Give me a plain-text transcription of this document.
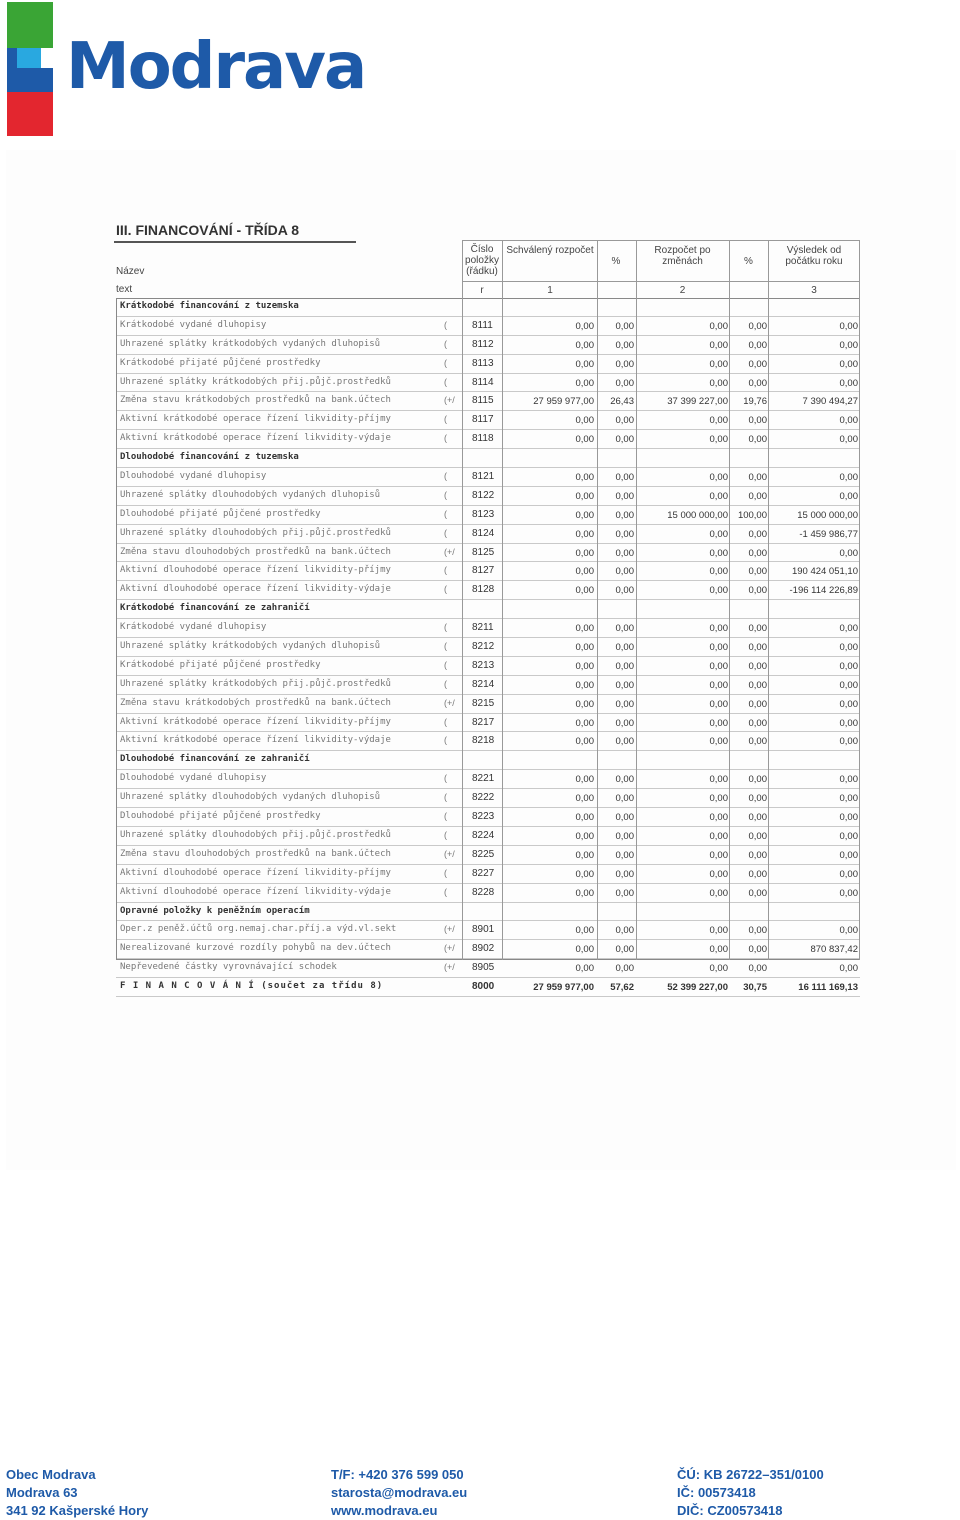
Modrava
III. FINANCOVÁNÍ - TŘÍDA 8
Název
text
Číslo položky (řádku)
Schválený rozpočet
%
Rozpočet po změnách	%
Výsledek od počátku roku
r	1	2	3
Krátkodobé financování z tuzemska
Krátkodobé vydané dluhopisy	(	8111	0,00 0,00	0,00 0,00	0,00
Uhrazené splátky krátkodobých vydaných dluhopisů	(	8112	0,00 0,00	0,00 0,00	0,00
Krátkodobé přijaté půjčené prostředky	(	8113	0,00 0,00	0,00 0,00	0,00
Uhrazené splátky krátkodobých přij.půjč.prostředků	(	8114	0,00 0,00	0,00 0,00	0,00
Změna stavu krátkodobých prostředků na bank.účtech	(+/ 8115	27 959 977,00 26,43	37 399 227,00 19,76	7 390 494,27
Aktivní krátkodobé operace řízení likvidity-příjmy	(	8117	0,00 0,00	0,00 0,00	0,00
Aktivní krátkodobé operace řízení likvidity-výdaje	(	8118	0,00 0,00	0,00 0,00	0,00
Dlouhodobé financování z tuzemska
Dlouhodobé vydané dluhopisy	(	8121	0,00 0,00	0,00 0,00	0,00
Uhrazené splátky dlouhodobých vydaných dluhopisů	(	8122	0,00 0,00	0,00 0,00	0,00
Dlouhodobé přijaté půjčené prostředky	(	8123	0,00 0,00	15 000 000,00 100,00	15 000 000,00
Uhrazené splátky dlouhodobých přij.půjč.prostředků	(	8124	0,00 0,00	0,00 0,00	-1 459 986,77
Změna stavu dlouhodobých prostředků na bank.účtech	(+/ 8125	0,00 0,00	0,00 0,00	0,00
Aktivní dlouhodobé operace řízení likvidity-příjmy	(	8127	0,00 0,00	0,00 0,00	190 424 051,10
Aktivní dlouhodobé operace řízení likvidity-výdaje	(	8128	0,00 0,00	0,00 0,00 -196 114 226,89
Krátkodobé financování ze zahraničí
Krátkodobé vydané dluhopisy	(	8211	0,00 0,00	0,00 0,00	0,00
Uhrazené splátky krátkodobých vydaných dluhopisů	(	8212	0,00 0,00	0,00 0,00	0,00
Krátkodobé přijaté půjčené prostředky	(	8213	0,00 0,00	0,00 0,00	0,00
Uhrazené splátky krátkodobých přij.půjč.prostředků	(	8214	0,00 0,00	0,00 0,00	0,00
Změna stavu krátkodobých prostředků na bank.účtech	(+/ 8215	0,00 0,00	0,00 0,00	0,00
Aktivní krátkodobé operace řízení likvidity-příjmy	(	8217	0,00 0,00	0,00 0,00	0,00
Aktivní krátkodobé operace řízení likvidity-výdaje	(	8218	0,00 0,00	0,00 0,00	0,00
Dlouhodobé financování ze zahraničí
Dlouhodobé vydané dluhopisy	(	8221	0,00 0,00	0,00 0,00	0,00
Uhrazené splátky dlouhodobých vydaných dluhopisů	(	8222	0,00 0,00	0,00 0,00	0,00
Dlouhodobé přijaté půjčené prostředky	(	8223	0,00 0,00	0,00 0,00	0,00
Uhrazené splátky dlouhodobých přij.půjč.prostředků	(	8224	0,00 0,00	0,00 0,00	0,00
Změna stavu dlouhodobých prostředků na bank.účtech	(+/ 8225	0,00 0,00	0,00 0,00	0,00
Aktivní dlouhodobé operace řízení likvidity-příjmy	(	8227	0,00 0,00	0,00 0,00	0,00
Aktivní dlouhodobé operace řízení likvidity-výdaje	(	8228	0,00 0,00	0,00 0,00	0,00
Opravné položky k peněžním operacím
Oper.z peněž.účtů org.nemaj.char.příj.a výd.vl.sekt	(+/ 8901	0,00 0,00	0,00 0,00	0,00
Nerealizované kurzové rozdíly pohybů na dev.účtech	(+/ 8902	0,00 0,00	0,00 0,00	870 837,42
Nepřevedené částky vyrovnávající schodek	(+/ 8905	0,00 0,00	0,00 0,00	0,00
F I N A N C O V Á N Í (součet za třídu 8)	8000	27 959 977,00 57,62	52 399 227,00 30,75	16 111 169,13
Obec Modrava
Modrava 63
341 92 Kašperské Hory
T/F: +420 376 599 050
starosta@modrava.eu
www.modrava.eu
ČÚ: KB 26722–351/0100
IČ: 00573418
DIČ: CZ00573418
